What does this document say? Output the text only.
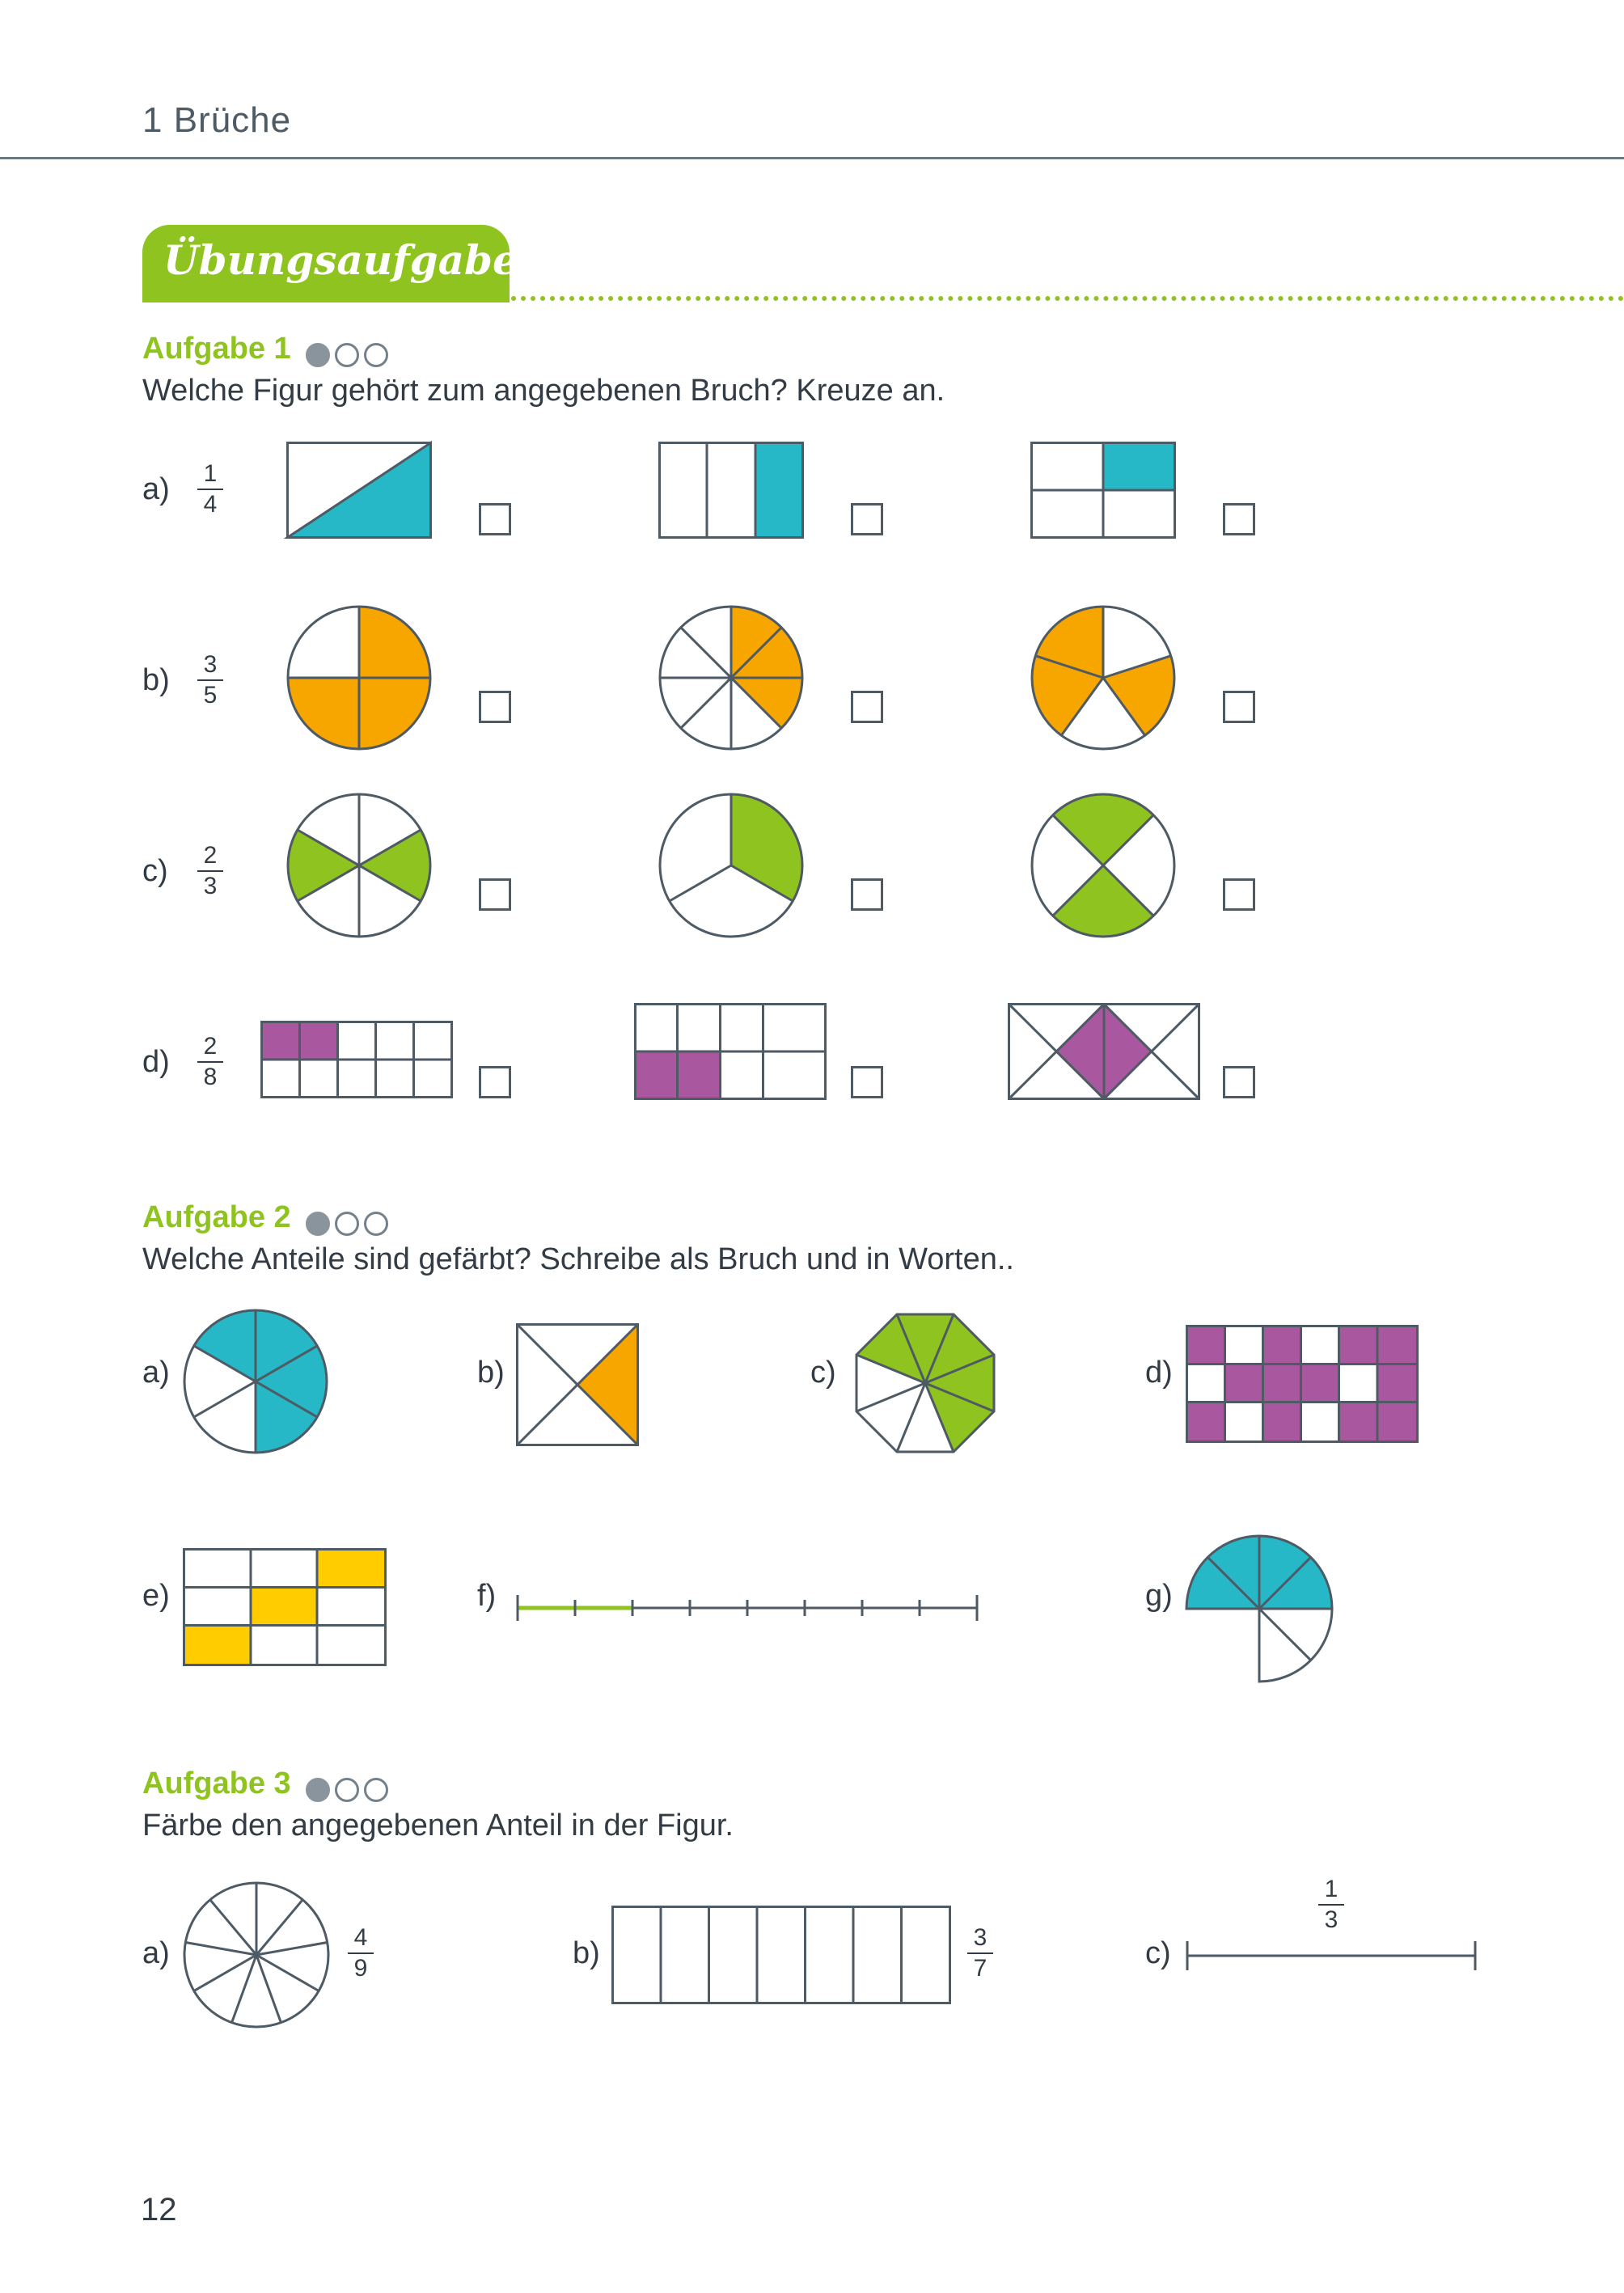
1 Brüche
Übungsaufgaben
Aufgabe 1
Welche Figur gehört zum angegebenen Bruch? Kreuze an.
a)	1
4
b)	3
5
c)	2
3
d)	2
8
Aufgabe 2
Welche Anteile sind gefärbt? Schreibe als Bruch und in Worten..
a)	b)	c)	d)
e)	f)	g)
Aufgabe 3
Färbe den angegebenen Anteil in der Figur.
a)	4
9	b)	3
7	c)
1
3
12
